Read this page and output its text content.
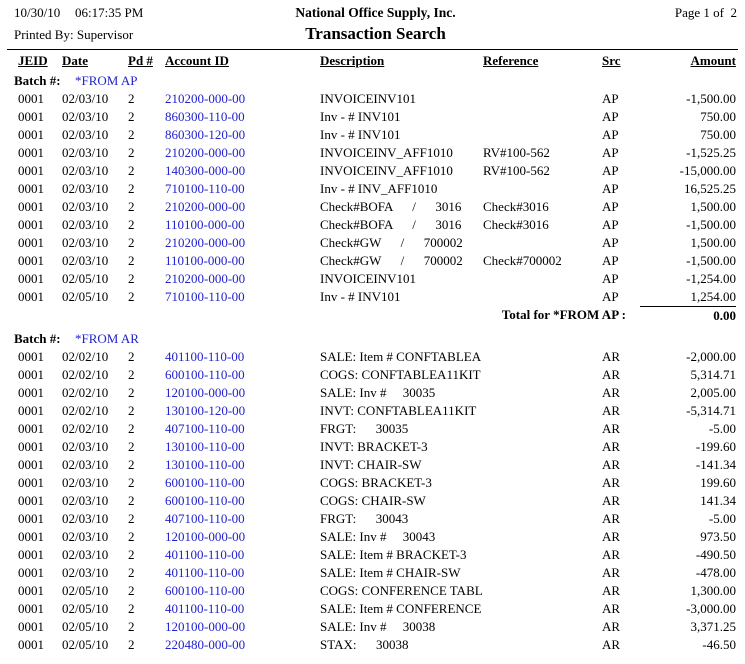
10/30/10 06:17:35 PM	National Office Supply, Inc.	Page 1 of  2
Printed By: Supervisor	Transaction Search
JEID	Date	Pd # Account ID	Description	Reference	Src	Amount
Batch #: *FROM AP
0001	02/03/10	2	210200-000-00	INVOICEINV101	AP	-1,500.00
0001	02/03/10	2	860300-110-00	Inv - # INV101	AP	750.00
0001	02/03/10	2	860300-120-00	Inv - # INV101	AP	750.00
0001	02/03/10	2	210200-000-00	INVOICEINV_AFF1010	RV#100-562	AP	-1,525.25
0001	02/03/10	2	140300-000-00	INVOICEINV_AFF1010	RV#100-562	AP	-15,000.00
0001	02/03/10	2	710100-110-00	Inv - # INV_AFF1010	AP	16,525.25
0001	02/03/10	2	210200-000-00	Check#BOFA      /      3016	Check#3016	AP	1,500.00
0001	02/03/10	2	110100-000-00	Check#BOFA      /      3016	Check#3016	AP	-1,500.00
0001	02/03/10	2	210200-000-00	Check#GW      /      700002	AP	1,500.00
0001	02/03/10	2	110100-000-00	Check#GW      /      700002	Check#700002	AP	-1,500.00
0001	02/05/10	2	210200-000-00	INVOICEINV101	AP	-1,254.00
0001	02/05/10	2	710100-110-00	Inv - # INV101	AP	1,254.00
Total for *FROM AP :	0.00
Batch #: *FROM AR
0001	02/02/10	2	401100-110-00	SALE: Item # CONFTABLEA	AR	-2,000.00
0001	02/02/10	2	600100-110-00	COGS: CONFTABLEA11KIT	AR	5,314.71
0001	02/02/10	2	120100-000-00	SALE: Inv #     30035	AR	2,005.00
0001	02/02/10	2	130100-120-00	INVT: CONFTABLEA11KIT	AR	-5,314.71
0001	02/02/10	2	407100-110-00	FRGT:      30035	AR	-5.00
0001	02/03/10	2	130100-110-00	INVT: BRACKET-3	AR	-199.60
0001	02/03/10	2	130100-110-00	INVT: CHAIR-SW	AR	-141.34
0001	02/03/10	2	600100-110-00	COGS: BRACKET-3	AR	199.60
0001	02/03/10	2	600100-110-00	COGS: CHAIR-SW	AR	141.34
0001	02/03/10	2	407100-110-00	FRGT:      30043	AR	-5.00
0001	02/03/10	2	120100-000-00	SALE: Inv #     30043	AR	973.50
0001	02/03/10	2	401100-110-00	SALE: Item # BRACKET-3	AR	-490.50
0001	02/03/10	2	401100-110-00	SALE: Item # CHAIR-SW	AR	-478.00
0001	02/05/10	2	600100-110-00	COGS: CONFERENCE TABL	AR	1,300.00
0001	02/05/10	2	401100-110-00	SALE: Item # CONFERENCE	AR	-3,000.00
0001	02/05/10	2	120100-000-00	SALE: Inv #     30038	AR	3,371.25
0001	02/05/10	2	220480-000-00	STAX:      30038	AR	-46.50
